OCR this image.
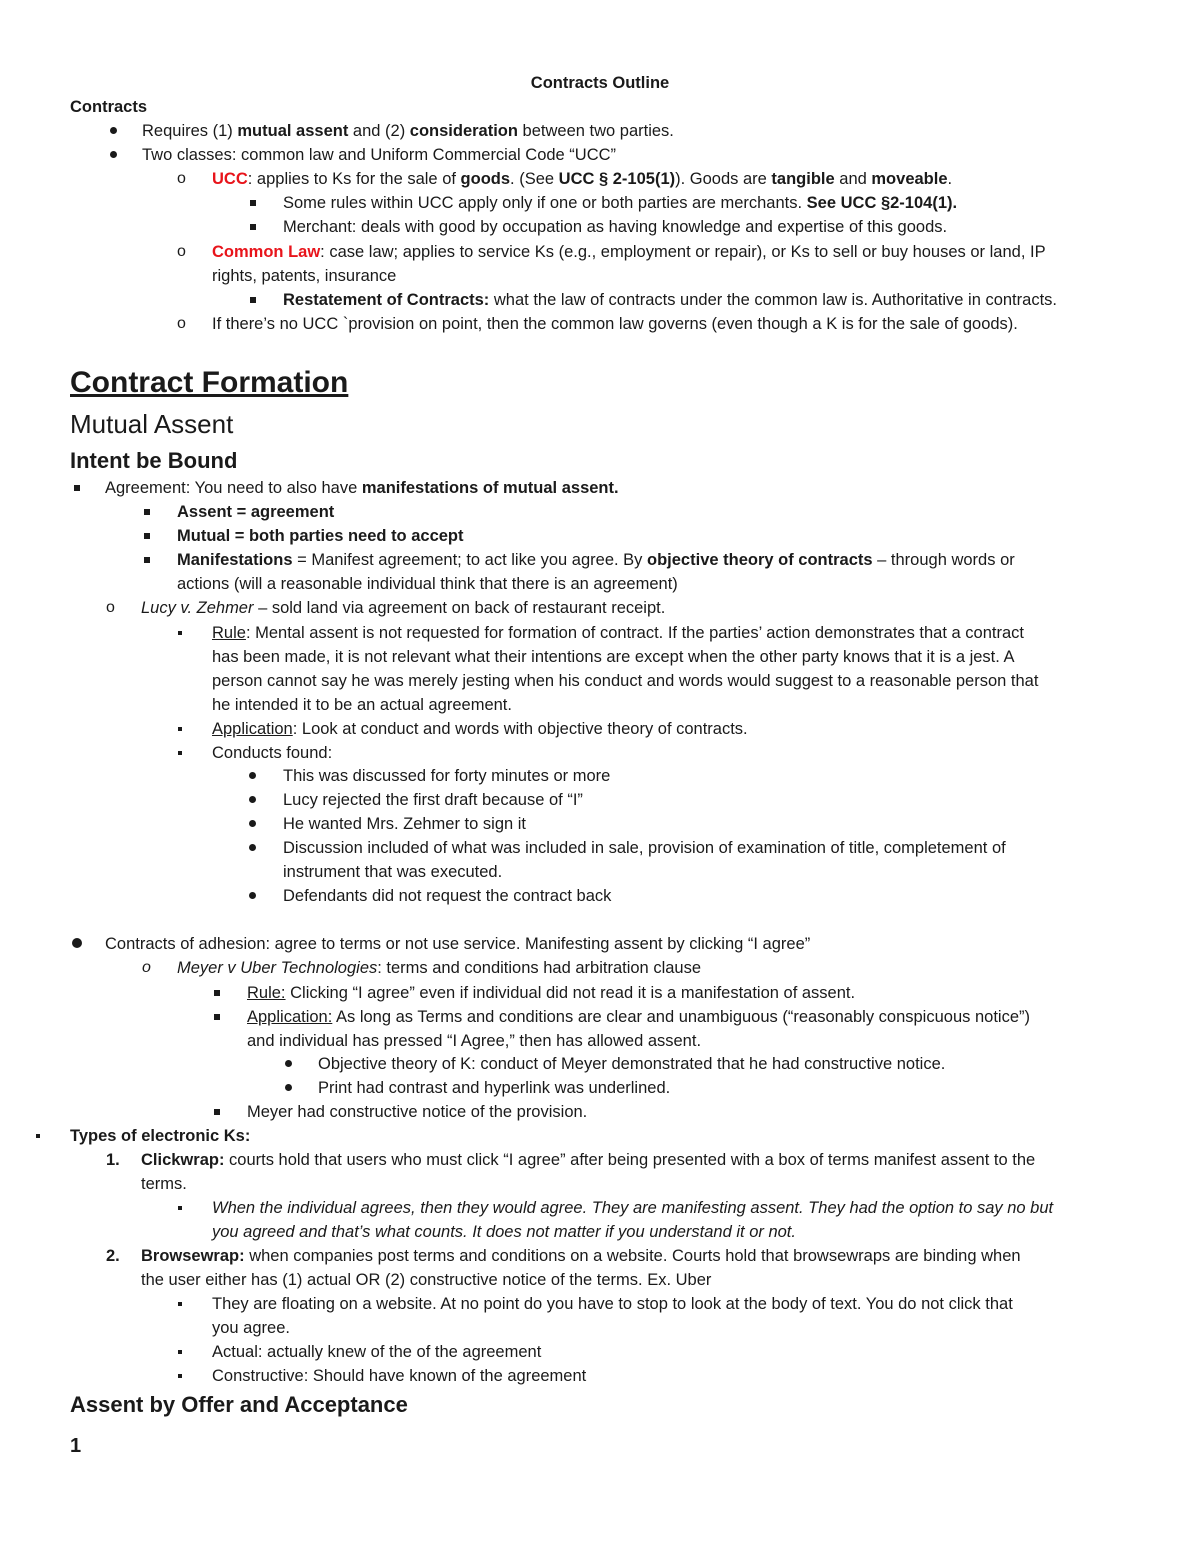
Contracts Outline
Contracts
Requires (1) mutual assent and (2) consideration between two parties.
Two classes: common law and Uniform Commercial Code “UCC”
o UCC: applies to Ks for the sale of goods. (See UCC § 2-105(1)). Goods are tangible and moveable.
Some rules within UCC apply only if one or both parties are merchants. See UCC §2-104(1).
Merchant: deals with good by occupation as having knowledge and expertise of this goods.
o Common Law: case law; applies to service Ks (e.g., employment or repair), or Ks to sell or buy houses or land, IP
rights, patents, insurance
Restatement of Contracts: what the law of contracts under the common law is. Authoritative in contracts.
o If there’s no UCC `provision on point, then the common law governs (even though a K is for the sale of goods).
Contract Formation
Mutual Assent
Intent be Bound
Agreement: You need to also have manifestations of mutual assent.
Assent = agreement
Mutual = both parties need to accept
Manifestations = Manifest agreement; to act like you agree. By objective theory of contracts – through words or
actions (will a reasonable individual think that there is an agreement)
o Lucy v. Zehmer – sold land via agreement on back of restaurant receipt.
Rule: Mental assent is not requested for formation of contract. If the parties’ action demonstrates that a contract
has been made, it is not relevant what their intentions are except when the other party knows that it is a jest. A
person cannot say he was merely jesting when his conduct and words would suggest to a reasonable person that
he intended it to be an actual agreement.
Application: Look at conduct and words with objective theory of contracts.
Conducts found:
This was discussed for forty minutes or more
Lucy rejected the first draft because of “I”
He wanted Mrs. Zehmer to sign it
Discussion included of what was included in sale, provision of examination of title, completement of
instrument that was executed.
Defendants did not request the contract back
Contracts of adhesion: agree to terms or not use service. Manifesting assent by clicking “I agree”
o Meyer v Uber Technologies: terms and conditions had arbitration clause
Rule: Clicking “I agree” even if individual did not read it is a manifestation of assent.
Application: As long as Terms and conditions are clear and unambiguous (“reasonably conspicuous notice”)
and individual has pressed “I Agree,” then has allowed assent.
Objective theory of K: conduct of Meyer demonstrated that he had constructive notice.
Print had contrast and hyperlink was underlined.
Meyer had constructive notice of the provision.
Types of electronic Ks:
1. Clickwrap: courts hold that users who must click “I agree” after being presented with a box of terms manifest assent to the
terms.
When the individual agrees, then they would agree. They are manifesting assent. They had the option to say no but
you agreed and that’s what counts. It does not matter if you understand it or not.
2. Browsewrap: when companies post terms and conditions on a website. Courts hold that browsewraps are binding when
the user either has (1) actual OR (2) constructive notice of the terms. Ex. Uber
They are floating on a website. At no point do you have to stop to look at the body of text. You do not click that
you agree.
Actual: actually knew of the of the agreement
Constructive: Should have known of the agreement
Assent by Offer and Acceptance
1
